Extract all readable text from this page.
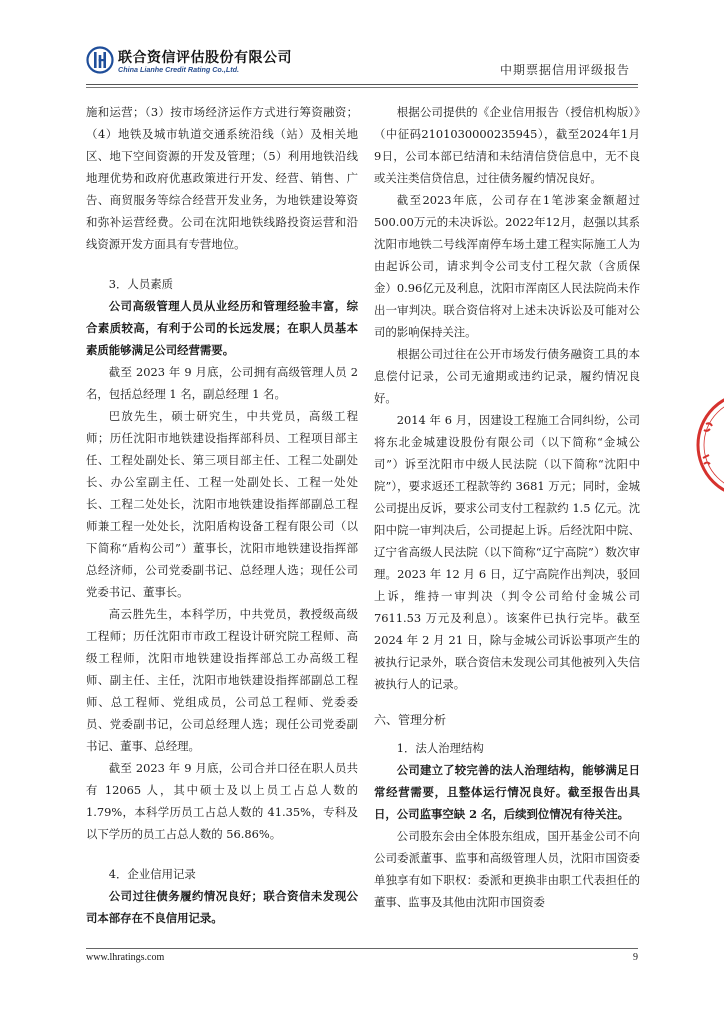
联合资信评估股份有限公司
China Lianhe Credit Rating Co.,Ltd.	中期票据信用评级报告

施和运营；（3）按市场经济运作方式进行筹资融资；（4）地铁及城市轨道交通系统沿线（站）及相关地区、地下空间资源的开发及管理；（5）利用地铁沿线地理优势和政府优惠政策进行开发、经营、销售、广告、商贸服务等综合经营开发业务，为地铁建设筹资和弥补运营经费。公司在沈阳地铁线路投资运营和沿线资源开发方面具有专营地位。

3．人员素质

公司高级管理人员从业经历和管理经验丰富，综合素质较高，有利于公司的长远发展；在职人员基本素质能够满足公司经营需要。

截至 2023 年 9 月底，公司拥有高级管理人员 2 名，包括总经理 1 名，副总经理 1 名。

巴放先生，硕士研究生，中共党员，高级工程师；历任沈阳市地铁建设指挥部科员、工程项目部主任、工程处副处长、第三项目部主任、工程二处副处长、办公室副主任、工程一处副处长、工程一处处长、工程二处处长，沈阳市地铁建设指挥部副总工程师兼工程一处处长，沈阳盾构设备工程有限公司（以下简称“盾构公司”）董事长，沈阳市地铁建设指挥部总经济师，公司党委副书记、总经理人选；现任公司党委书记、董事长。

高云胜先生，本科学历，中共党员，教授级高级工程师；历任沈阳市市政工程设计研究院工程师、高级工程师，沈阳市地铁建设指挥部总工办高级工程师、副主任、主任，沈阳市地铁建设指挥部副总工程师、总工程师、党组成员，公司总工程师、党委委员、党委副书记，公司总经理人选；现任公司党委副书记、董事、总经理。

截至 2023 年 9 月底，公司合并口径在职人员共有 12065 人，其中硕士及以上员工占总人数的 1.79%，本科学历员工占总人数的 41.35%，专科及以下学历的员工占总人数的 56.86%。

4．企业信用记录

公司过往债务履约情况良好；联合资信未发现公司本部存在不良信用记录。

根据公司提供的《企业信用报告（授信机构版）》（中征码2101030000235945），截至2024年1月9日，公司本部已结清和未结清信贷信息中，无不良或关注类信贷信息，过往债务履约情况良好。

截至2023年底，公司存在1笔涉案金额超过500.00万元的未决诉讼。2022年12月，赵强以其系沈阳市地铁二号线浑南停车场土建工程实际施工人为由起诉公司，请求判令公司支付工程欠款（含质保金）0.96亿元及利息，沈阳市浑南区人民法院尚未作出一审判决。联合资信将对上述未决诉讼及可能对公司的影响保持关注。

根据公司过往在公开市场发行债务融资工具的本息偿付记录，公司无逾期或违约记录，履约情况良好。

2014 年 6 月，因建设工程施工合同纠纷，公司将东北金城建设股份有限公司（以下简称“金城公司”）诉至沈阳市中级人民法院（以下简称“沈阳中院”），要求返还工程款等约 3681 万元；同时，金城公司提出反诉，要求公司支付工程款约 1.5 亿元。沈阳中院一审判决后，公司提起上诉。后经沈阳中院、辽宁省高级人民法院（以下简称“辽宁高院”）数次审理。2023 年 12 月 6 日，辽宁高院作出判决，驳回上诉，维持一审判决（判令公司给付金城公司 7611.53 万元及利息）。该案件已执行完毕。截至 2024 年 2 月 21 日，除与金城公司诉讼事项产生的被执行记录外，联合资信未发现公司其他被列入失信被执行人的记录。

六、管理分析

1．法人治理结构

公司建立了较完善的法人治理结构，能够满足日常经营需要，且整体运行情况良好。截至报告出具日，公司监事空缺 2 名，后续到位情况有待关注。

公司股东会由全体股东组成，国开基金公司不向公司委派董事、监事和高级管理人员，沈阳市国资委单独享有如下职权：委派和更换非由职工代表担任的董事、监事及其他由沈阳市国资委

www.lhratings.com	9
